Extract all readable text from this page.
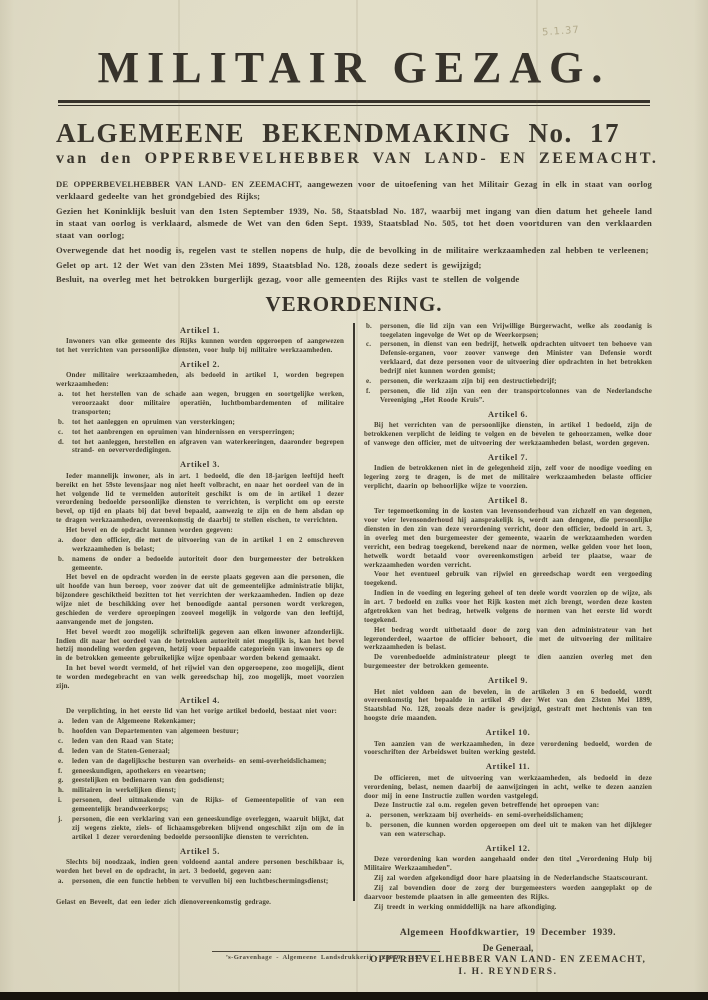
5.1.37
MILITAIR GEZAG.
ALGEMEENE BEKENDMAKING No. 17
van den OPPERBEVELHEBBER VAN LAND- EN ZEEMACHT.
DE OPPERBEVELHEBBER VAN LAND- EN ZEEMACHT, aangewezen voor de uitoefening van het Militair Gezag in elk in staat van oorlog verklaard gedeelte van het grondgebied des Rijks;
Gezien het Koninklijk besluit van den 1sten September 1939, No. 58, Staatsblad No. 187, waarbij met ingang van dien datum het geheele land in staat van oorlog is verklaard, alsmede de Wet van den 6den Sept. 1939, Staatsblad No. 505, tot het doen voortduren van den verklaarden staat van oorlog;
Overwegende dat het noodig is, regelen vast te stellen nopens de hulp, die de bevolking in de militaire werkzaamheden zal hebben te verleenen;
Gelet op art. 12 der Wet van den 23sten Mei 1899, Staatsblad No. 128, zooals deze sedert is gewijzigd;
Besluit, na overleg met het betrokken burgerlijk gezag, voor alle gemeenten des Rijks vast te stellen de volgende
VERORDENING.
Artikel 1.
Inwoners van elke gemeente des Rijks kunnen worden opgeroepen of aangewezen tot het verrichten van persoonlijke diensten, voor hulp bij militaire werkzaamheden.
Artikel 2.
Onder militaire werkzaamheden, als bedoeld in artikel 1, worden begrepen werkzaamheden:
a. tot het herstellen van de schade aan wegen, bruggen en soortgelijke werken, veroorzaakt door militaire operatiën, luchtbombardementen of militaire transporten;
b. tot het aanleggen en opruimen van versterkingen;
c. tot het aanbrengen en opruimen van hindernissen en versperringen;
d. tot het aanleggen, herstellen en afgraven van waterkeeringen, daaronder begrepen strand- en oeververdedigingen.
Artikel 3.
Ieder mannelijk inwoner, als in art. 1 bedoeld, die den 18-jarigen leeftijd heeft bereikt en het 59ste levensjaar nog niet heeft volbracht, en naar het oordeel van de in het volgende lid te vermelden autoriteit geschikt is om de in artikel 1 dezer verordening bedoelde persoonlijke diensten te verrichten, is verplicht om op eerste bevel, op tijd en plaats bij dat bevel bepaald, aanwezig te zijn en de hem alsdan op te dragen werkzaamheden, overeenkomstig de daarbij te stellen eischen, te verrichten.
Het bevel en de opdracht kunnen worden gegeven:
a. door den officier, die met de uitvoering van de in artikel 1 en 2 omschreven werkzaamheden is belast;
b. namens de onder a bedoelde autoriteit door den burgemeester der betrokken gemeente.
Het bevel en de opdracht worden in de eerste plaats gegeven aan die personen, die uit hoofde van hun beroep, voor zoover dat uit de gemeentelijke administratie blijkt, bijzondere geschiktheid bezitten tot het verrichten der werkzaamheden. Indien op deze wijze niet de beschikking over het benoodigde aantal personen wordt verkregen, geschieden de verdere oproepingen zooveel mogelijk in volgorde van den leeftijd, aanvangende met de jongsten.
Het bevel wordt zoo mogelijk schriftelijk gegeven aan elken inwoner afzonderlijk. Indien dit naar het oordeel van de betrokken autoriteit niet mogelijk is, kan het bevel hetzij mondeling worden gegeven, hetzij voor bepaalde categorieën van inwoners op de in de betrokken gemeente gebruikelijke wijze openbaar worden bekend gemaakt.
In het bevel wordt vermeld, of het rijwiel van den opgeroepene, zoo mogelijk, dient te worden medegebracht en van welk gereedschap hij, zoo mogelijk, moet voorzien zijn.
Artikel 4.
De verplichting, in het eerste lid van het vorige artikel bedoeld, bestaat niet voor:
a. leden van de Algemeene Rekenkamer;
b. hoofden van Departementen van algemeen bestuur;
c. leden van den Raad van State;
d. leden van de Staten-Generaal;
e. leden van de dagelijksche besturen van overheids- en semi-overheidslichamen;
f. geneeskundigen, apothekers en veeartsen;
g. geestelijken en bedienaren van den godsdienst;
h. militairen in werkelijken dienst;
i. personen, deel uitmakende van de Rijks- of Gemeentepolitie of van een gemeentelijk brandweerkorps;
j. personen, die een verklaring van een geneeskundige overleggen, waaruit blijkt, dat zij wegens ziekte, ziels- of lichaamsgebreken blijvend ongeschikt zijn om de in artikel 1 dezer verordening bedoelde persoonlijke diensten te verrichten.
Artikel 5.
Slechts bij noodzaak, indien geen voldoend aantal andere personen beschikbaar is, worden het bevel en de opdracht, in art. 3 bedoeld, gegeven aan:
a. personen, die een functie hebben te vervullen bij een luchtbeschermingsdienst;
Gelast en Beveelt, dat een ieder zich dienovereenkomstig gedrage.
b. personen, die lid zijn van een Vrijwillige Burgerwacht, welke als zoodanig is toegelaten ingevolge de Wet op de Weerkorpsen;
c. personen, in dienst van een bedrijf, hetwelk opdrachten uitvoert ten behoeve van Defensie-organen, voor zoover vanwege den Minister van Defensie wordt verklaard, dat deze personen voor de uitvoering dier opdrachten in het betrokken bedrijf niet kunnen worden gemist;
e. personen, die werkzaam zijn bij een destructiebedrijf;
f. personen, die lid zijn van een der transportcolonnes van de Nederlandsche Vereeniging „Het Roode Kruis”.
Artikel 6.
Bij het verrichten van de persoonlijke diensten, in artikel 1 bedoeld, zijn de betrokkenen verplicht de leiding te volgen en de bevelen te gehoorzamen, welke door of vanwege den officier, met de uitvoering der werkzaamheden belast, worden gegeven.
Artikel 7.
Indien de betrokkenen niet in de gelegenheid zijn, zelf voor de noodige voeding en legering zorg te dragen, is de met de militaire werkzaamheden belaste officier verplicht, daarin op behoorlijke wijze te voorzien.
Artikel 8.
Ter tegemoetkoming in de kosten van levensonderhoud van zichzelf en van degenen, voor wier levensonderhoud hij aansprakelijk is, wordt aan dengene, die persoonlijke diensten in den zin van deze verordening verricht, door den officier, bedoeld in art. 3, in overleg met den burgemeester der gemeente, waarin de werkzaamheden worden verricht, een bedrag toegekend, berekend naar de normen, welke gelden voor het loon, hetwelk wordt betaald voor overeenkomstigen arbeid ter plaatse, waar de werkzaamheden worden verricht.
Voor het eventueel gebruik van rijwiel en gereedschap wordt een vergoeding toegekend.
Indien in de voeding en legering geheel of ten deele wordt voorzien op de wijze, als in art. 7 bedoeld en zulks voor het Rijk kosten met zich brengt, worden deze kosten afgetrokken van het bedrag, hetwelk volgens de normen van het eerste lid wordt toegekend.
Het bedrag wordt uitbetaald door de zorg van den administrateur van het legeronderdeel, waartoe de officier behoort, die met de uitvoering der militaire werkzaamheden is belast.
De vorenbedoelde administrateur pleegt te dien aanzien overleg met den burgemeester der betrokken gemeente.
Artikel 9.
Het niet voldoen aan de bevelen, in de artikelen 3 en 6 bedoeld, wordt overeenkomstig het bepaalde in artikel 49 der Wet van den 23sten Mei 1899, Staatsblad No. 128, zooals deze nader is gewijzigd, gestraft met hechtenis van ten hoogste drie maanden.
Artikel 10.
Ten aanzien van de werkzaamheden, in deze verordening bedoeld, worden de voorschriften der Arbeidswet buiten werking gesteld.
Artikel 11.
De officieren, met de uitvoering van werkzaamheden, als bedoeld in deze verordening, belast, nemen daarbij de aanwijzingen in acht, welke te dezen aanzien door mij in eene Instructie zullen worden vastgelegd.
Deze Instructie zal o.m. regelen geven betreffende het oproepen van:
a. personen, werkzaam bij overheids- en semi-overheidslichamen;
b. personen, die kunnen worden opgeroepen om deel uit te maken van het dijkleger van een waterschap.
Artikel 12.
Deze verordening kan worden aangehaald onder den titel „Verordening Hulp bij Militaire Werkzaamheden”.
Zij zal worden afgekondigd door hare plaatsing in de Nederlandsche Staatscourant.
Zij zal bovendien door de zorg der burgemeesters worden aangeplakt op de daarvoor bestemde plaatsen in alle gemeenten des Rijks.
Zij treedt in werking onmiddellijk na hare afkondiging.
Algemeen Hoofdkwartier, 19 December 1939.
De Generaal,
OPPERBEVELHEBBER VAN LAND- EN ZEEMACHT,
I. H. REYNDERS.
’s-Gravenhage - Algemeene Landsdrukkerij - 28960 - 1939
